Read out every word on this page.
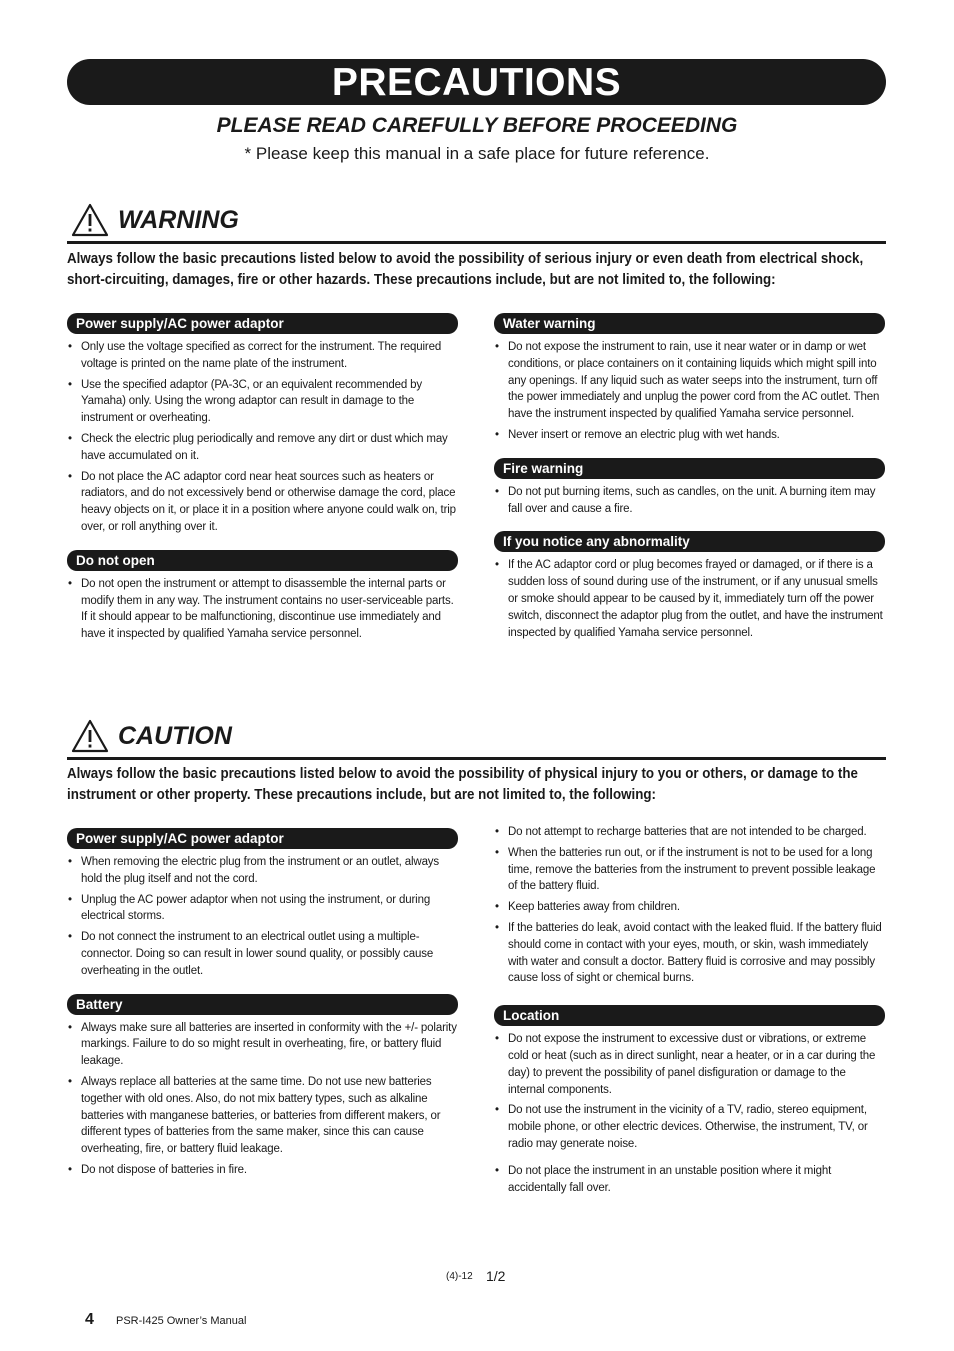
PRECAUTIONS
PLEASE READ CAREFULLY BEFORE PROCEEDING
* Please keep this manual in a safe place for future reference.
WARNING
Always follow the basic precautions listed below to avoid the possibility of serious injury or even death from electrical shock, short-circuiting, damages, fire or other hazards. These precautions include, but are not limited to, the following:
Power supply/AC power adaptor
• Only use the voltage specified as correct for the instrument. The required voltage is printed on the name plate of the instrument.
• Use the specified adaptor (PA-3C, or an equivalent recommended by Yamaha) only. Using the wrong adaptor can result in damage to the instrument or overheating.
• Check the electric plug periodically and remove any dirt or dust which may have accumulated on it.
• Do not place the AC adaptor cord near heat sources such as heaters or radiators, and do not excessively bend or otherwise damage the cord, place heavy objects on it, or place it in a position where anyone could walk on, trip over, or roll anything over it.
Do not open
• Do not open the instrument or attempt to disassemble the internal parts or modify them in any way. The instrument contains no user-serviceable parts. If it should appear to be malfunctioning, discontinue use immediately and have it inspected by qualified Yamaha service personnel.
Water warning
• Do not expose the instrument to rain, use it near water or in damp or wet conditions, or place containers on it containing liquids which might spill into any openings. If any liquid such as water seeps into the instrument, turn off the power immediately and unplug the power cord from the AC outlet. Then have the instrument inspected by qualified Yamaha service personnel.
• Never insert or remove an electric plug with wet hands.
Fire warning
• Do not put burning items, such as candles, on the unit. A burning item may fall over and cause a fire.
If you notice any abnormality
• If the AC adaptor cord or plug becomes frayed or damaged, or if there is a sudden loss of sound during use of the instrument, or if any unusual smells or smoke should appear to be caused by it, immediately turn off the power switch, disconnect the adaptor plug from the outlet, and have the instrument inspected by qualified Yamaha service personnel.
CAUTION
Always follow the basic precautions listed below to avoid the possibility of physical injury to you or others, or damage to the instrument or other property. These precautions include, but are not limited to, the following:
Power supply/AC power adaptor
• When removing the electric plug from the instrument or an outlet, always hold the plug itself and not the cord.
• Unplug the AC power adaptor when not using the instrument, or during electrical storms.
• Do not connect the instrument to an electrical outlet using a multiple-connector. Doing so can result in lower sound quality, or possibly cause overheating in the outlet.
Battery
• Always make sure all batteries are inserted in conformity with the +/- polarity markings. Failure to do so might result in overheating, fire, or battery fluid leakage.
• Always replace all batteries at the same time. Do not use new batteries together with old ones. Also, do not mix battery types, such as alkaline batteries with manganese batteries, or batteries from different makers, or different types of batteries from the same maker, since this can cause overheating, fire, or battery fluid leakage.
• Do not dispose of batteries in fire.
• Do not attempt to recharge batteries that are not intended to be charged.
• When the batteries run out, or if the instrument is not to be used for a long time, remove the batteries from the instrument to prevent possible leakage of the battery fluid.
• Keep batteries away from children.
• If the batteries do leak, avoid contact with the leaked fluid. If the battery fluid should come in contact with your eyes, mouth, or skin, wash immediately with water and consult a doctor. Battery fluid is corrosive and may possibly cause loss of sight or chemical burns.
Location
• Do not expose the instrument to excessive dust or vibrations, or extreme cold or heat (such as in direct sunlight, near a heater, or in a car during the day) to prevent the possibility of panel disfiguration or damage to the internal components.
• Do not use the instrument in the vicinity of a TV, radio, stereo equipment, mobile phone, or other electric devices. Otherwise, the instrument, TV, or radio may generate noise.
• Do not place the instrument in an unstable position where it might accidentally fall over.
(4)-12 1/2
4 PSR-I425 Owner’s Manual
